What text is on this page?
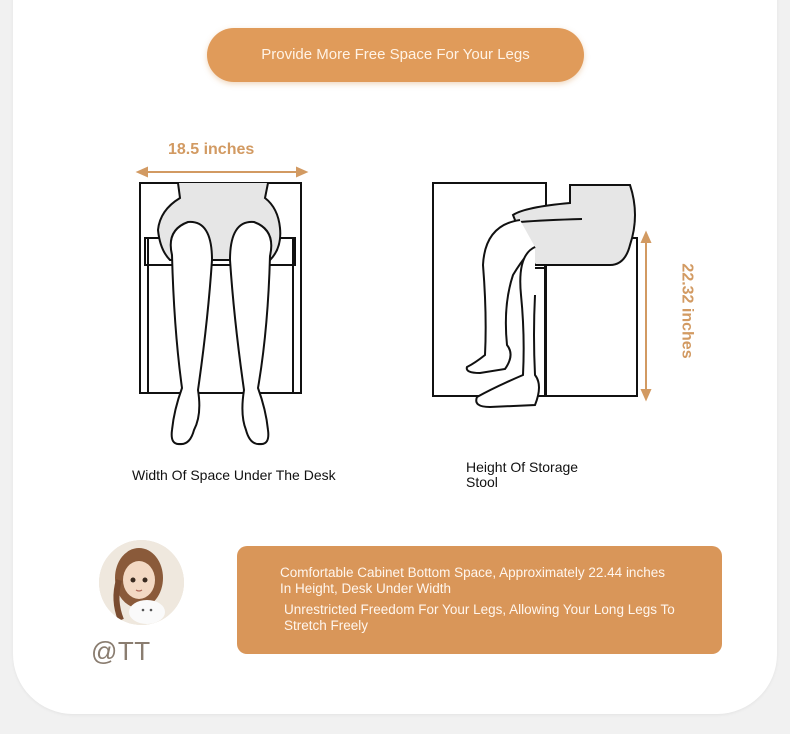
Provide More Free Space For Your Legs
18.5 inches
Width Of Space Under The Desk
22.32 inches
Height Of Storage
Stool
@TT
Comfortable Cabinet Bottom Space, Approximately 22.44 inches In Height, Desk Under Width
Unrestricted Freedom For Your Legs, Allowing Your Long Legs To Stretch Freely
